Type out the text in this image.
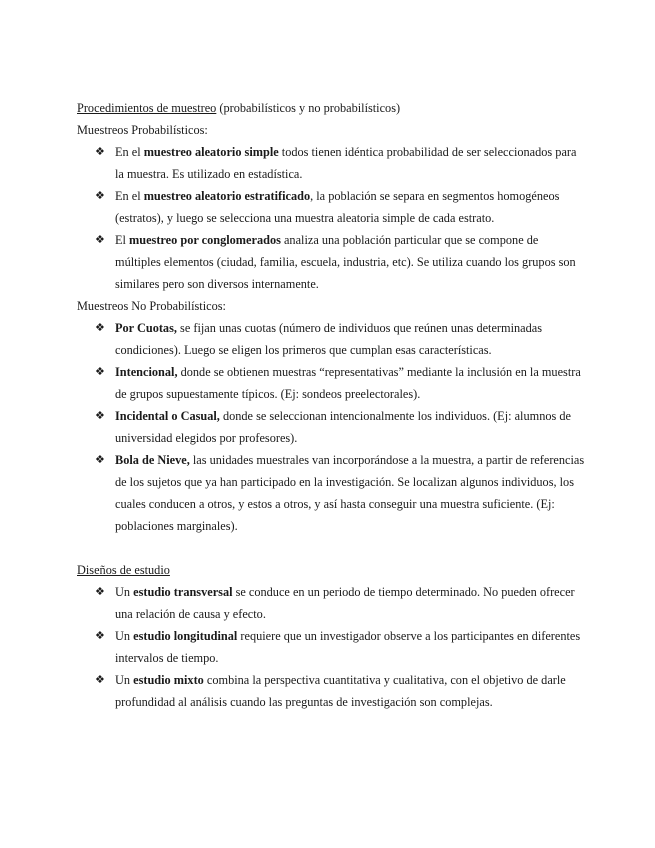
Procedimientos de muestreo (probabilísticos y no probabilísticos)

Muestreos Probabilísticos:

❖ En el muestreo aleatorio simple todos tienen idéntica probabilidad de ser seleccionados para la muestra. Es utilizado en estadística.
❖ En el muestreo aleatorio estratificado, la población se separa en segmentos homogéneos (estratos), y luego se selecciona una muestra aleatoria simple de cada estrato.
❖ El muestreo por conglomerados analiza una población particular que se compone de múltiples elementos (ciudad, familia, escuela, industria, etc). Se utiliza cuando los grupos son similares pero son diversos internamente.

Muestreos No Probabilísticos:

❖ Por Cuotas, se fijan unas cuotas (número de individuos que reúnen unas determinadas condiciones). Luego se eligen los primeros que cumplan esas características.
❖ Intencional, donde se obtienen muestras “representativas” mediante la inclusión en la muestra de grupos supuestamente típicos. (Ej: sondeos preelectorales).
❖ Incidental o Casual, donde se seleccionan intencionalmente los individuos. (Ej: alumnos de universidad elegidos por profesores).
❖ Bola de Nieve, las unidades muestrales van incorporándose a la muestra, a partir de referencias de los sujetos que ya han participado en la investigación. Se localizan algunos individuos, los cuales conducen a otros, y estos a otros, y así hasta conseguir una muestra suficiente. (Ej: poblaciones marginales).

Diseños de estudio

❖ Un estudio transversal se conduce en un periodo de tiempo determinado. No pueden ofrecer una relación de causa y efecto.
❖ Un estudio longitudinal requiere que un investigador observe a los participantes en diferentes intervalos de tiempo.
❖ Un estudio mixto combina la perspectiva cuantitativa y cualitativa, con el objetivo de darle profundidad al análisis cuando las preguntas de investigación son complejas.
